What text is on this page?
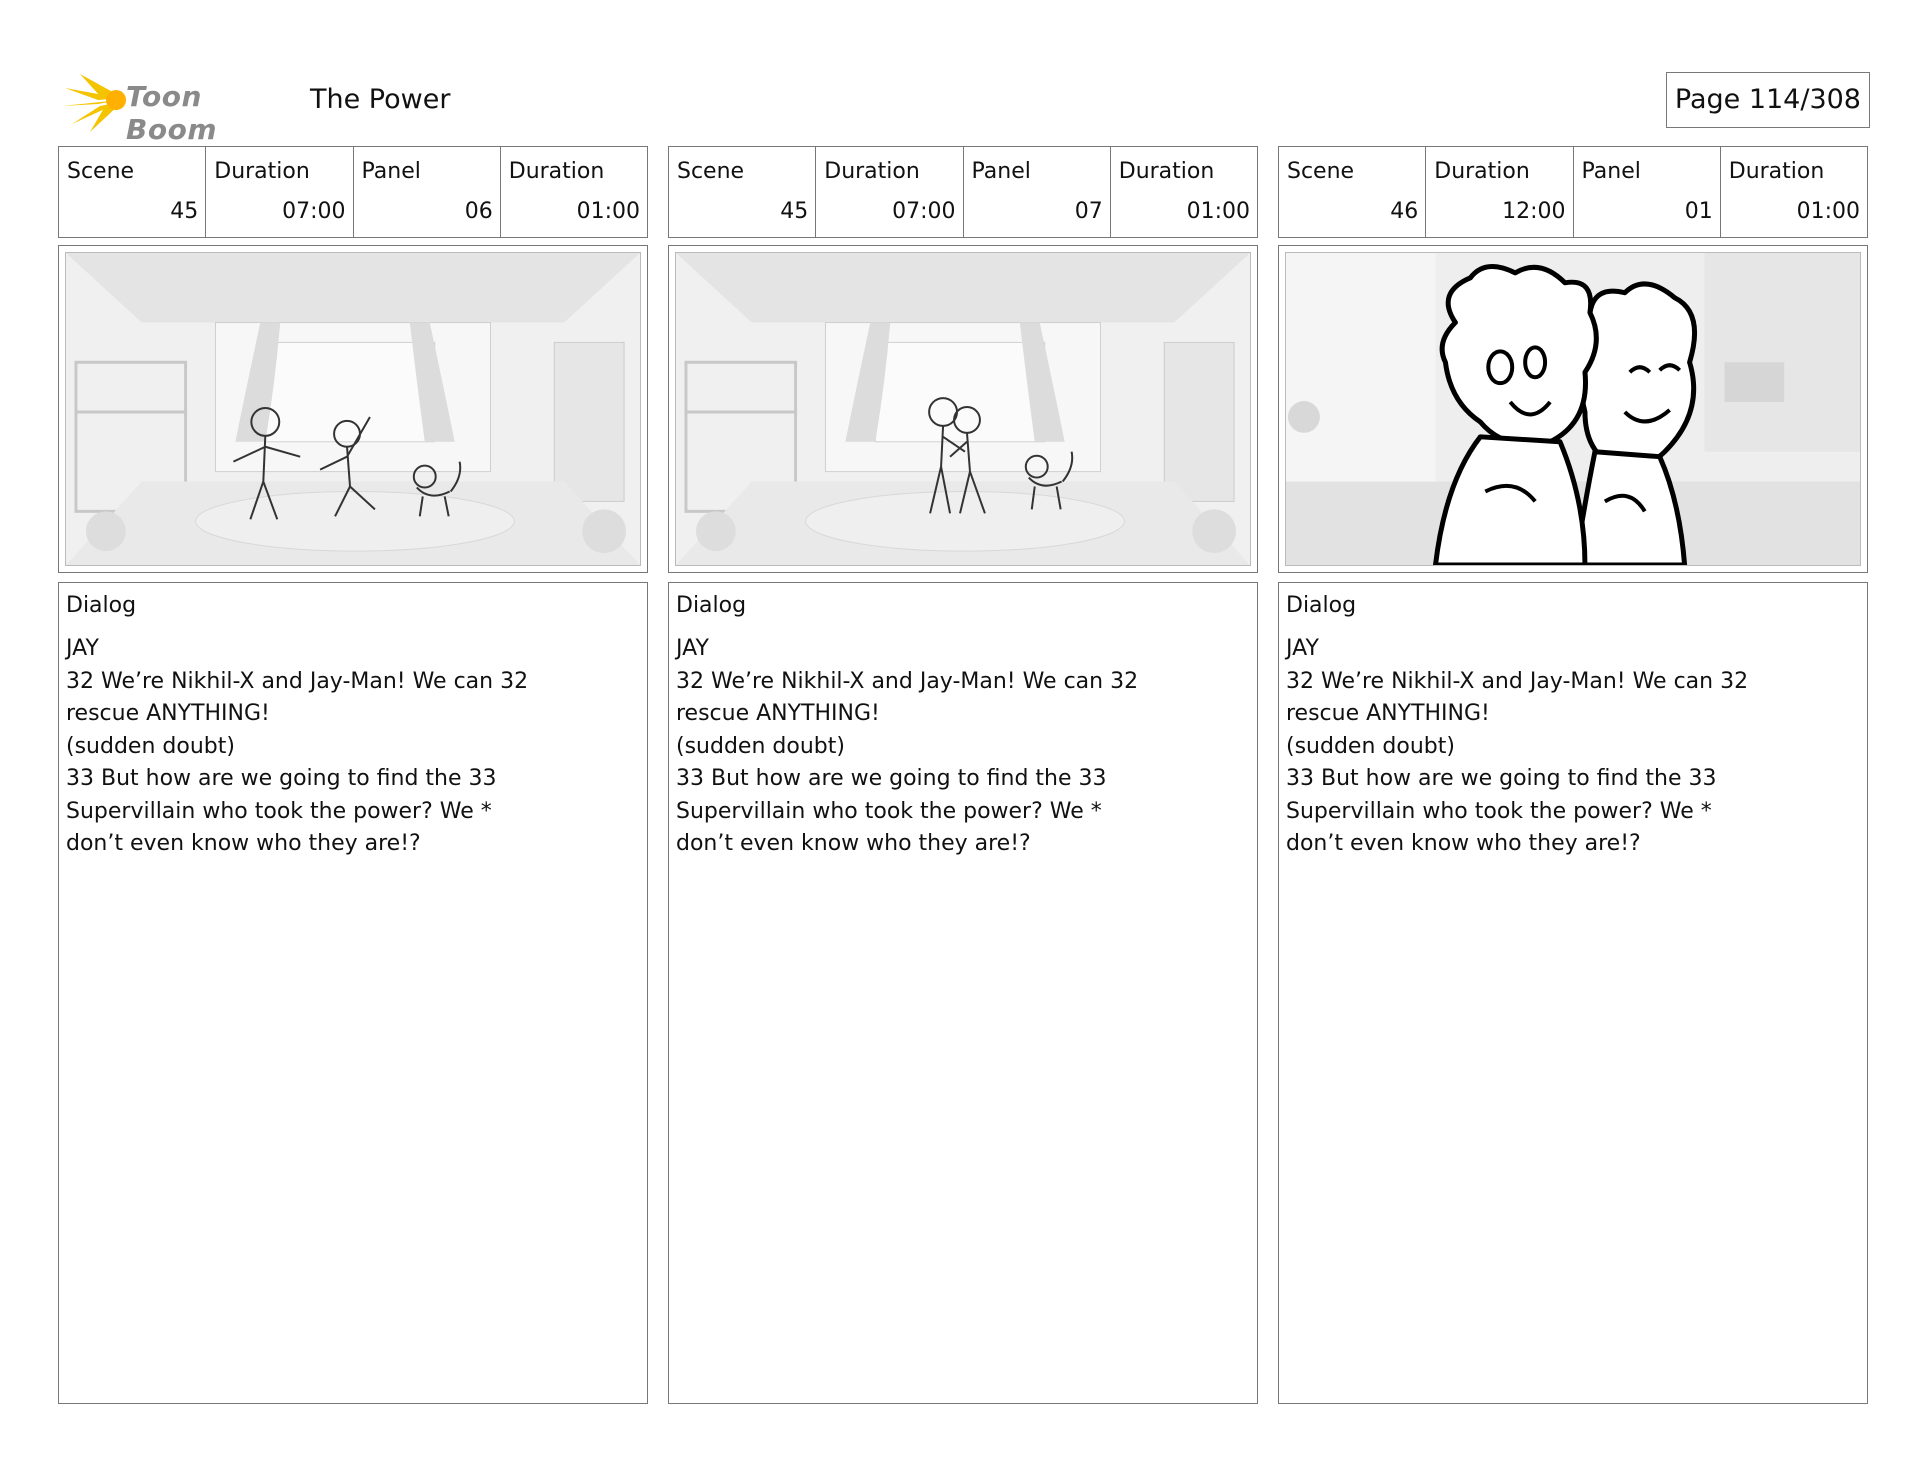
Toon Boom
The Power	Page 114/308
Scene
45
Duration
07:00
Panel
06
Duration
01:00
Dialog
JAY
32 We’re Nikhil-X and Jay-Man! We can 32
rescue ANYTHING!
(sudden doubt)
33 But how are we going to find the 33
Supervillain who took the power? We *
don’t even know who they are!?
Scene
45
Duration
07:00
Panel
07
Duration
01:00
Dialog
JAY
32 We’re Nikhil-X and Jay-Man! We can 32
rescue ANYTHING!
(sudden doubt)
33 But how are we going to find the 33
Supervillain who took the power? We *
don’t even know who they are!?
Scene
46
Duration
12:00
Panel
01
Duration
01:00
Dialog
JAY
32 We’re Nikhil-X and Jay-Man! We can 32
rescue ANYTHING!
(sudden doubt)
33 But how are we going to find the 33
Supervillain who took the power? We *
don’t even know who they are!?
